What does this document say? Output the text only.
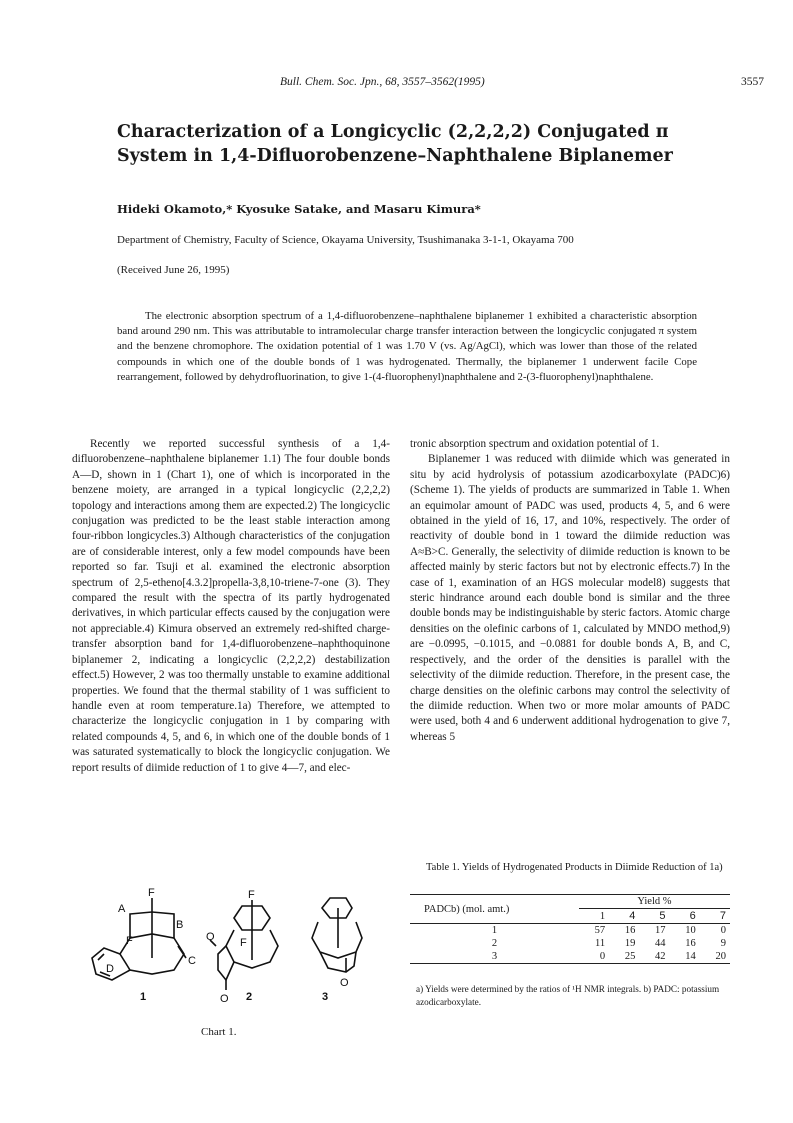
Bull. Chem. Soc. Jpn., 68, 3557–3562(1995)	3557
Characterization of a Longicyclic (2,2,2,2) Conjugated π
System in 1,4-Difluorobenzene–Naphthalene Biplanemer
Hideki Okamoto,* Kyosuke Satake, and Masaru Kimura*
Department of Chemistry, Faculty of Science, Okayama University, Tsushimanaka 3-1-1, Okayama 700
(Received June 26, 1995)
The electronic absorption spectrum of a 1,4-difluorobenzene–naphthalene biplanemer 1 exhibited a characteristic absorption band around 290 nm. This was attributable to intramolecular charge transfer interaction between the longicyclic conjugated π system and the benzene chromophore. The oxidation potential of 1 was 1.70 V (vs. Ag/AgCl), which was lower than those of the related compounds in which one of the double bonds of 1 was hydrogenated. Thermally, the biplanemer 1 underwent facile Cope rearrangement, followed by dehydrofluorination, to give 1-(4-fluorophenyl)naphthalene and 2-(3-fluorophenyl)naphthalene.

Recently we reported successful synthesis of a 1,4-difluorobenzene–naphthalene biplanemer 1.1) The four double bonds A—D, shown in 1 (Chart 1), one of which is incorporated in the benzene moiety, are arranged in a typical longicyclic (2,2,2,2) topology and interactions among them are expected.2) The longicyclic conjugation was predicted to be the least stable interaction among four-ribbon longicycles.3) Although characteristics of the conjugation are of considerable interest, only a few model compounds have been reported so far. Tsuji et al. examined the electronic absorption spectrum of 2,5-etheno[4.3.2]propella-3,8,10-triene-7-one (3). They compared the result with the spectra of its partly hydrogenated derivatives, in which particular effects caused by the conjugation were not appreciable.4) Kimura observed an extremely red-shifted charge-transfer absorption band for 1,4-difluorobenzene–naphthoquinone biplanemer 2, indicating a longicyclic (2,2,2,2) destabilization effect.5) However, 2 was too thermally unstable to examine additional properties. We found that the thermal stability of 1 was sufficient to handle even at room temperature.1a) Therefore, we attempted to characterize the longicyclic conjugation in 1 by comparing with related compounds 4, 5, and 6, in which one of the double bonds of 1 was saturated systematically to block the longicyclic conjugation. We report results of diimide reduction of 1 to give 4—7, and elec-

tronic absorption spectrum and oxidation potential of 1.

Biplanemer 1 was reduced with diimide which was generated in situ by acid hydrolysis of potassium azodicarboxylate (PADC)6) (Scheme 1). The yields of products are summarized in Table 1. When an equimolar amount of PADC was used, products 4, 5, and 6 were obtained in the yield of 16, 17, and 10%, respectively. The order of reactivity of double bond in 1 toward the diimide reduction was A≈B>C. Generally, the selectivity of diimide reduction is known to be affected mainly by steric factors but not by electronic effects.7) In the case of 1, examination of an HGS molecular model8) suggests that steric hindrance around each double bond is similar and the three double bonds may be indistinguishable by steric factors. Atomic charge densities on the olefinic carbons of 1, calculated by MNDO method,9) are −0.0995, −0.1015, and −0.0881 for double bonds A, B, and C, respectively, and the order of the densities is parallel with the selectivity of the diimide reduction. Therefore, in the present case, the charge densities on the olefinic carbons may control the selectivity of the diimide reduction. When two or more molar amounts of PADC were used, both 4 and 6 underwent additional hydrogenation to give 7, whereas 5

F
A
B
F
C
D
1
F
O F
O 2
O
3
Chart 1.
Table 1. Yields of Hydrogenated Products in Diimide Reduction of 1a)
PADCb) (mol. amt.)	Yield %				
	1	4	5	6	7
1	57	16	17	10	0
2	11	19	44	16	9
3	0	25	42	14	20
a) Yields were determined by the ratios of ¹H NMR integrals. b) PADC: potassium azodicarboxylate.
